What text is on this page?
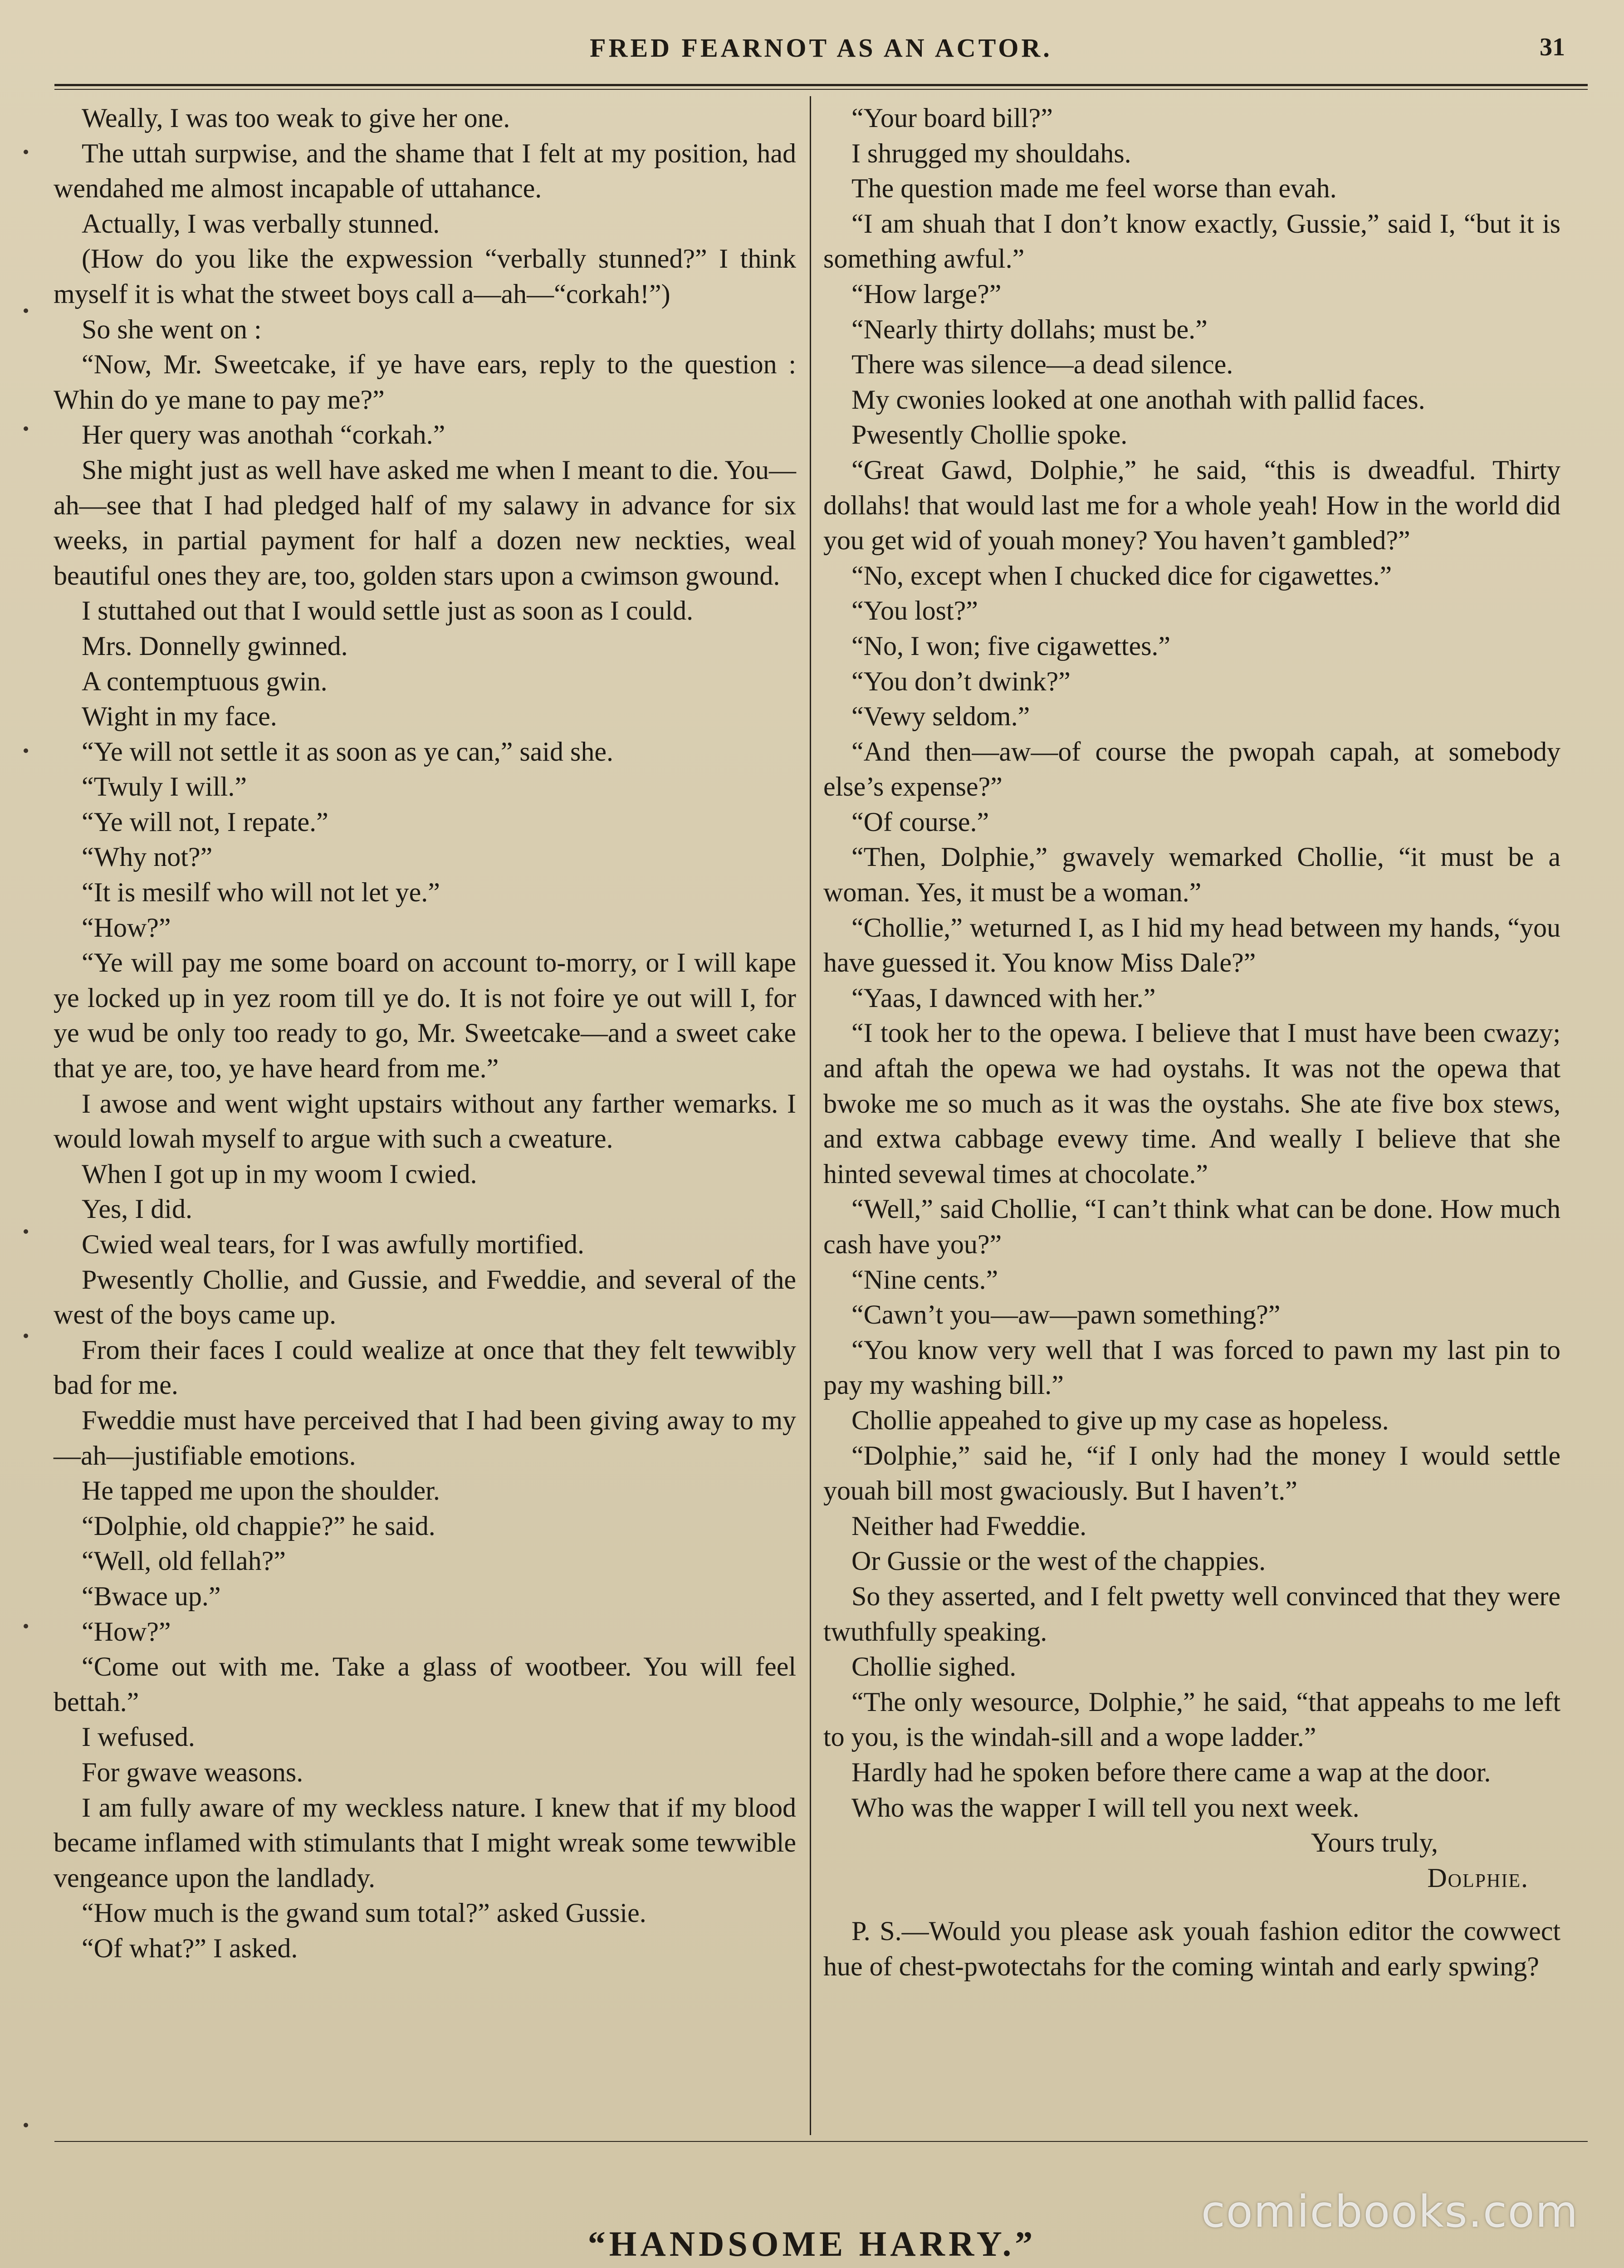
FRED FEARNOT AS AN ACTOR.	31

Weally, I was too weak to give her one.

The uttah surpwise, and the shame that I felt at my position, had wendahed me almost incapable of uttahance.

Actually, I was verbally stunned.

(How do you like the expwession “verbally stunned?” I think myself it is what the stweet boys call a—ah—“corkah!”)

So she went on :

“Now, Mr. Sweetcake, if ye have ears, reply to the question : Whin do ye mane to pay me?”

Her query was anothah “corkah.”

She might just as well have asked me when I meant to die. You—ah—see that I had pledged half of my salawy in advance for six weeks, in partial payment for half a dozen new neckties, weal beautiful ones they are, too, golden stars upon a cwimson gwound.

I stuttahed out that I would settle just as soon as I could.

Mrs. Donnelly gwinned.

A contemptuous gwin.

Wight in my face.

“Ye will not settle it as soon as ye can,” said she.

“Twuly I will.”

“Ye will not, I repate.”

“Why not?”

“It is mesilf who will not let ye.”

“How?”

“Ye will pay me some board on account to-morry, or I will kape ye locked up in yez room till ye do. It is not foire ye out will I, for ye wud be only too ready to go, Mr. Sweetcake—and a sweet cake that ye are, too, ye have heard from me.”

I awose and went wight upstairs without any farther wemarks. I would lowah myself to argue with such a cweature.

When I got up in my woom I cwied.

Yes, I did.

Cwied weal tears, for I was awfully mortified.

Pwesently Chollie, and Gussie, and Fweddie, and several of the west of the boys came up.

From their faces I could wealize at once that they felt tewwibly bad for me.

Fweddie must have perceived that I had been giving away to my—ah—justifiable emotions.

He tapped me upon the shoulder.

“Dolphie, old chappie?” he said.

“Well, old fellah?”

“Bwace up.”

“How?”

“Come out with me. Take a glass of wootbeer. You will feel bettah.”

I wefused.

For gwave weasons.

I am fully aware of my weckless nature. I knew that if my blood became inflamed with stimulants that I might wreak some tewwible vengeance upon the landlady.

“How much is the gwand sum total?” asked Gussie.

“Of what?” I asked.

“Your board bill?”

I shrugged my shouldahs.

The question made me feel worse than evah.

“I am shuah that I don’t know exactly, Gussie,” said I, “but it is something awful.”

“How large?”

“Nearly thirty dollahs; must be.”

There was silence—a dead silence.

My cwonies looked at one anothah with pallid faces.

Pwesently Chollie spoke.

“Great Gawd, Dolphie,” he said, “this is dweadful. Thirty dollahs! that would last me for a whole yeah! How in the world did you get wid of youah money? You haven’t gambled?”

“No, except when I chucked dice for cigawettes.”

“You lost?”

“No, I won; five cigawettes.”

“You don’t dwink?”

“Vewy seldom.”

“And then—aw—of course the pwopah capah, at somebody else’s expense?”

“Of course.”

“Then, Dolphie,” gwavely wemarked Chollie, “it must be a woman. Yes, it must be a woman.”

“Chollie,” weturned I, as I hid my head between my hands, “you have guessed it. You know Miss Dale?”

“Yaas, I dawnced with her.”

“I took her to the opewa. I believe that I must have been cwazy; and aftah the opewa we had oystahs. It was not the opewa that bwoke me so much as it was the oystahs. She ate five box stews, and extwa cabbage evewy time. And weally I believe that she hinted sevewal times at chocolate.”

“Well,” said Chollie, “I can’t think what can be done. How much cash have you?”

“Nine cents.”

“Cawn’t you—aw—pawn something?”

“You know very well that I was forced to pawn my last pin to pay my washing bill.”

Chollie appeahed to give up my case as hopeless.

“Dolphie,” said he, “if I only had the money I would settle youah bill most gwaciously. But I haven’t.”

Neither had Fweddie.

Or Gussie or the west of the chappies.

So they asserted, and I felt pwetty well convinced that they were twuthfully speaking.

Chollie sighed.

“The only wesource, Dolphie,” he said, “that appeahs to me left to you, is the windah-sill and a wope ladder.”

Hardly had he spoken before there came a wap at the door.

Who was the wapper I will tell you next week.

Yours truly,

Dolphie.

P. S.—Would you please ask youah fashion editor the cowwect hue of chest-pwotectahs for the coming wintah and early spwing?

“HANDSOME HARRY.”
comicbooks.com
